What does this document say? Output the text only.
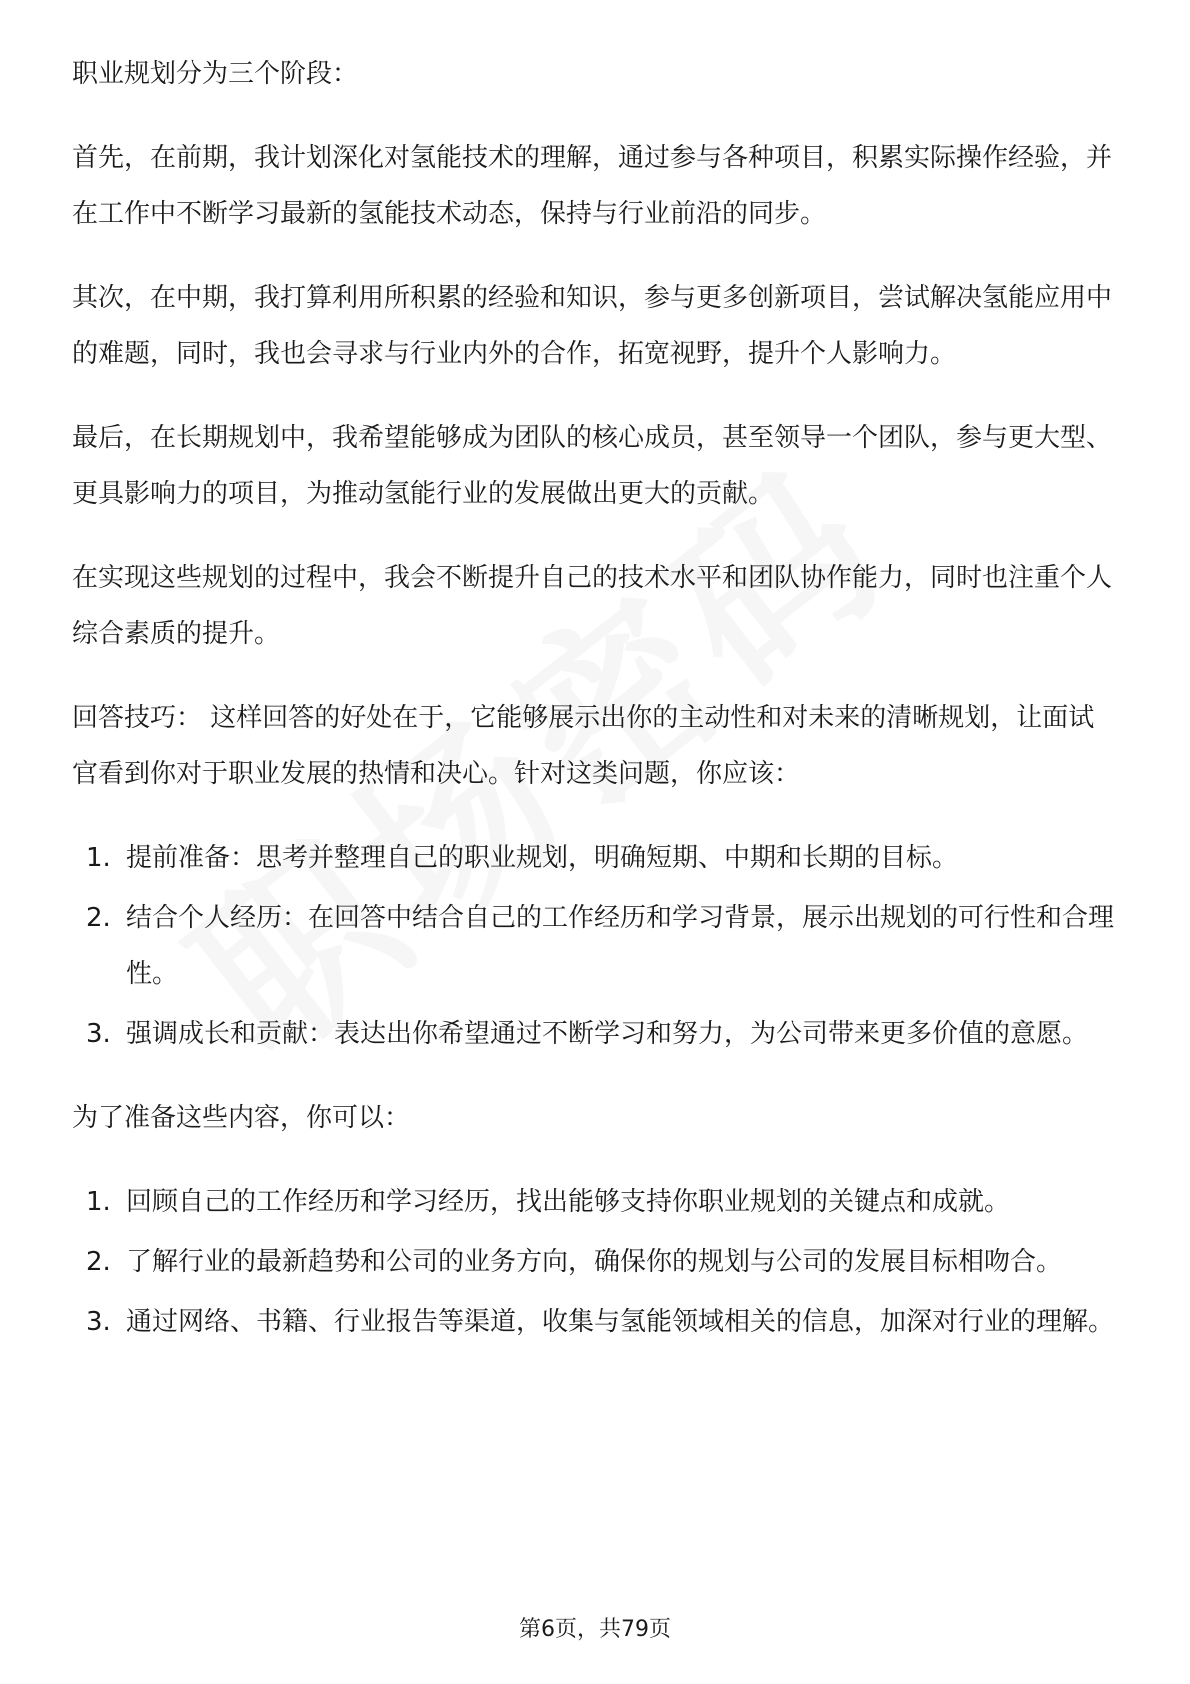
职业规划分为三个阶段：

首先，在前期，我计划深化对氢能技术的理解，通过参与各种项目，积累实际操作经验，并在工作中不断学习最新的氢能技术动态，保持与行业前沿的同步。

其次，在中期，我打算利用所积累的经验和知识，参与更多创新项目，尝试解决氢能应用中的难题，同时，我也会寻求与行业内外的合作，拓宽视野，提升个人影响力。

最后，在长期规划中，我希望能够成为团队的核心成员，甚至领导一个团队，参与更大型、更具影响力的项目，为推动氢能行业的发展做出更大的贡献。

在实现这些规划的过程中，我会不断提升自己的技术水平和团队协作能力，同时也注重个人综合素质的提升。

回答技巧： 这样回答的好处在于，它能够展示出你的主动性和对未来的清晰规划，让面试官看到你对于职业发展的热情和决心。针对这类问题，你应该：

1. 提前准备：思考并整理自己的职业规划，明确短期、中期和长期的目标。
2. 结合个人经历：在回答中结合自己的工作经历和学习背景，展示出规划的可行性和合理性。
3. 强调成长和贡献：表达出你希望通过不断学习和努力，为公司带来更多价值的意愿。

为了准备这些内容，你可以：

1. 回顾自己的工作经历和学习经历，找出能够支持你职业规划的关键点和成就。
2. 了解行业的最新趋势和公司的业务方向，确保你的规划与公司的发展目标相吻合。
3. 通过网络、书籍、行业报告等渠道，收集与氢能领域相关的信息，加深对行业的理解。
第6页，共79页
